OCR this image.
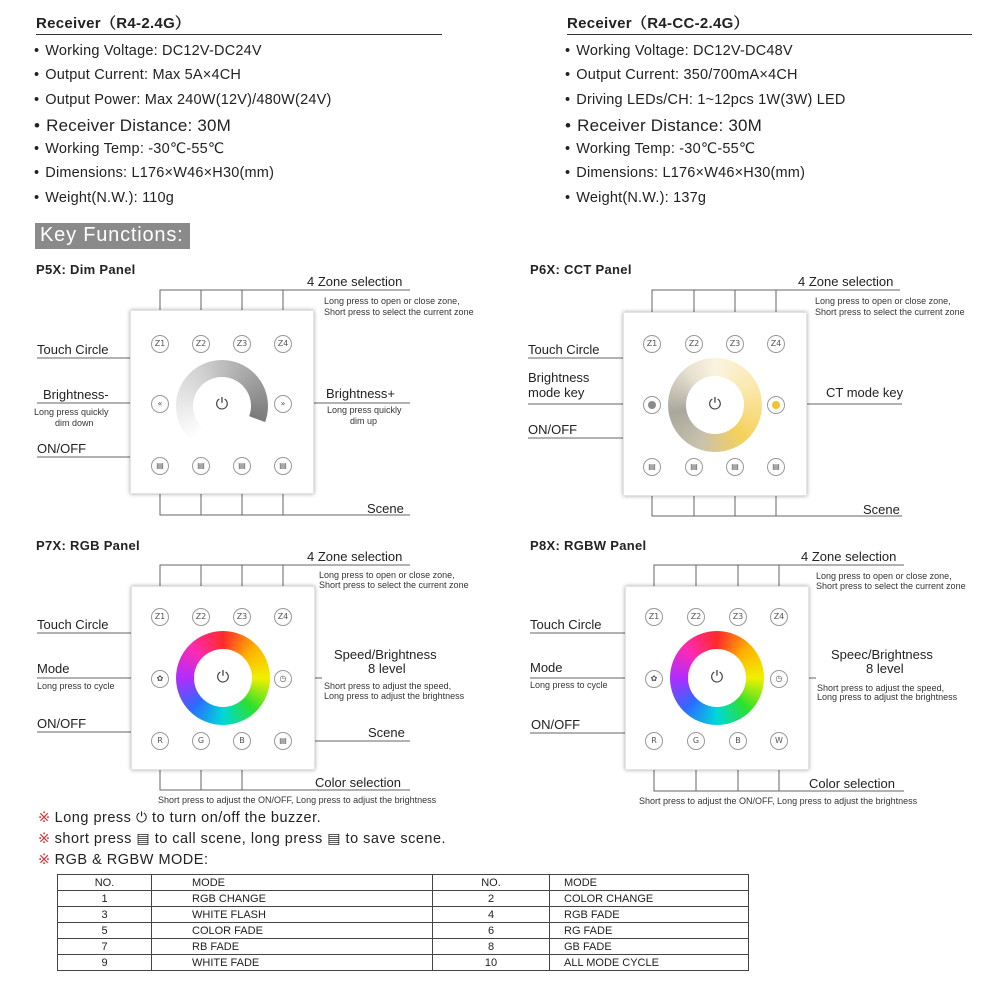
Receiver（R4-2.4G）	Receiver（R4-CC-2.4G）
• Working Voltage: DC12V-DC24V
• Output Current: Max 5A×4CH
• Output Power: Max 240W(12V)/480W(24V)
• Receiver Distance: 30M
• Working Temp: -30℃-55℃
• Dimensions: L176×W46×H30(mm)
• Weight(N.W.): 110g
• Working Voltage: DC12V-DC48V
• Output Current: 350/700mA×4CH
• Driving LEDs/CH: 1~12pcs 1W(3W) LED
• Receiver Distance: 30M
• Working Temp: -30℃-55℃
• Dimensions: L176×W46×H30(mm)
• Weight(N.W.): 137g
Key Functions:
P5X: Dim Panel
4 Zone selection
Long press to open or close zone,
Short press to select the current zone
Touch Circle
Brightness-
Long press quickly
dim down
Brightness+
Long press quickly
dim up
ON/OFF
Scene
Z1	Z2	Z3	Z4
«	»
▤	▤	▤	▤
⏻
P6X: CCT Panel
4 Zone selection
Long press to open or close zone,
Short press to select the current zone
Touch Circle
Brightness
mode key	CT mode key
ON/OFF
Scene
Z1	Z2	Z3	Z4
▤	▤	▤	▤
⏻
P7X: RGB Panel
4 Zone selection
Long press to open or close zone,
Short press to select the current zone
Touch Circle
Mode
Long press to cycle
Speed/Brightness
8 level
Short press to adjust the speed,
Long press to adjust the brightness
ON/OFF
Scene
Color selection
Short press to adjust the ON/OFF, Long press to adjust the brightness
Z1	Z2	Z3	Z4
✿	◷
R	G	B	▤
⏻
P8X: RGBW Panel
4 Zone selection
Long press to open or close zone,
Short press to select the current zone
Touch Circle
Mode
Long press to cycle
Speec/Brightness
8 level
Short press to adjust the speed,
Long press to adjust the brightness
ON/OFF
Color selection
Short press to adjust the ON/OFF, Long press to adjust the brightness
Z1	Z2	Z3	Z4
✿	◷
R	G	B	W
⏻
※ Long press ⏻ to turn on/off the buzzer.
※ short press ▤ to call scene, long press ▤ to save scene.
※ RGB & RGBW MODE:
NO.	MODE	NO.	MODE
1	RGB CHANGE	2	COLOR CHANGE
3	WHITE FLASH	4	RGB FADE
5	COLOR FADE	6	RG FADE
7	RB FADE	8	GB FADE
9	WHITE FADE	10	ALL MODE CYCLE
